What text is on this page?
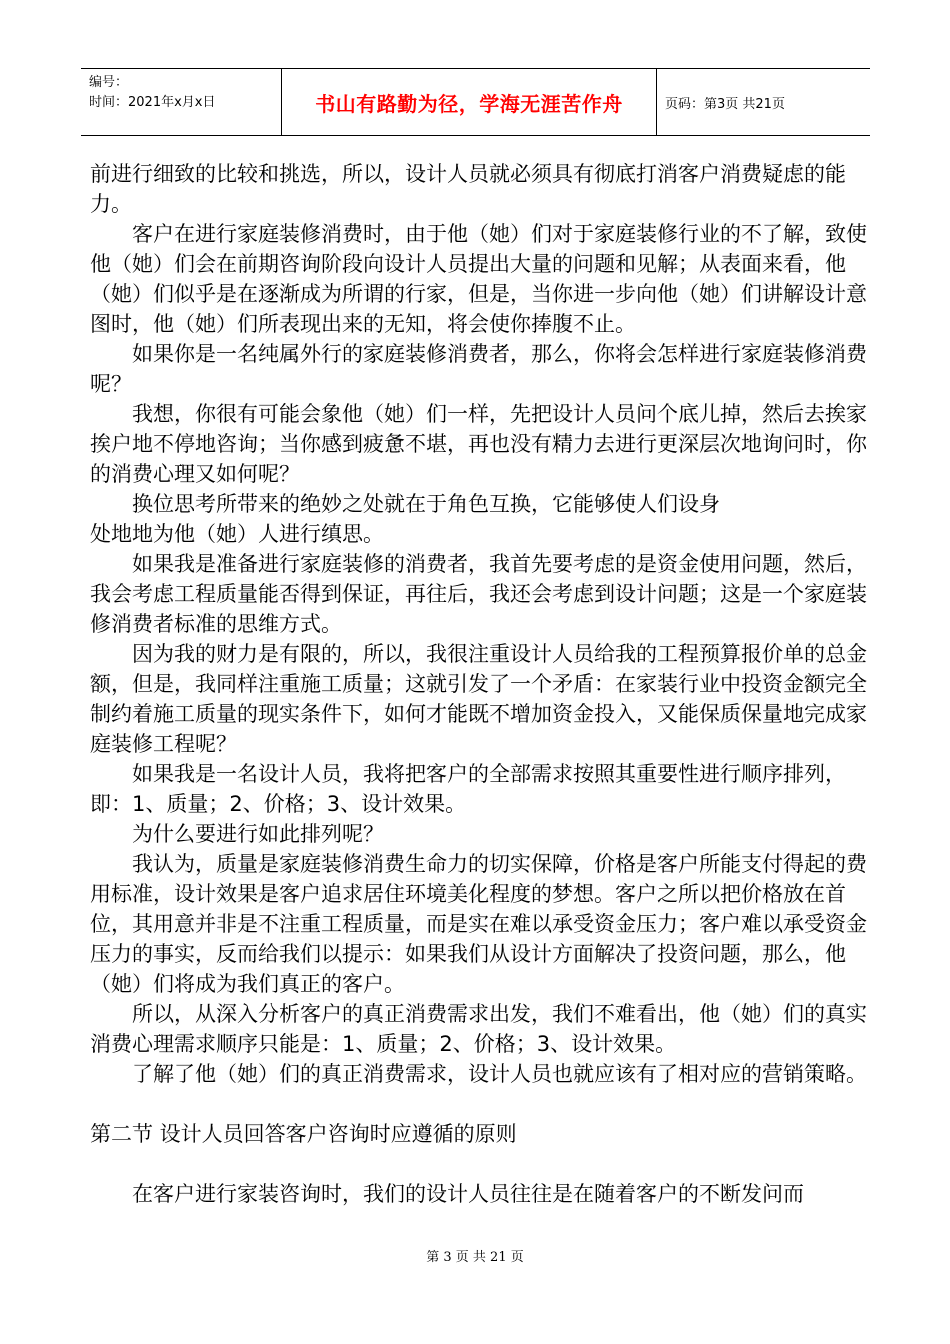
编号：
时间：2021年x月x日	书山有路勤为径，学海无涯苦作舟	页码：第3页 共21页

前进行细致的比较和挑选，所以，设计人员就必须具有彻底打消客户消费疑虑的能力。

客户在进行家庭装修消费时，由于他（她）们对于家庭装修行业的不了解，致使他（她）们会在前期咨询阶段向设计人员提出大量的问题和见解；从表面来看，他（她）们似乎是在逐渐成为所谓的行家，但是，当你进一步向他（她）们讲解设计意图时，他（她）们所表现出来的无知，将会使你捧腹不止。

如果你是一名纯属外行的家庭装修消费者，那么，你将会怎样进行家庭装修消费呢？

我想，你很有可能会象他（她）们一样，先把设计人员问个底儿掉，然后去挨家挨户地不停地咨询；当你感到疲惫不堪，再也没有精力去进行更深层次地询问时，你的消费心理又如何呢？

换位思考所带来的绝妙之处就在于角色互换，它能够使人们设身

处地地为他（她）人进行缜思。

如果我是准备进行家庭装修的消费者，我首先要考虑的是资金使用问题，然后，我会考虑工程质量能否得到保证，再往后，我还会考虑到设计问题；这是一个家庭装修消费者标准的思维方式。

因为我的财力是有限的，所以，我很注重设计人员给我的工程预算报价单的总金额，但是，我同样注重施工质量；这就引发了一个矛盾：在家装行业中投资金额完全制约着施工质量的现实条件下，如何才能既不增加资金投入，又能保质保量地完成家庭装修工程呢？

如果我是一名设计人员，我将把客户的全部需求按照其重要性进行顺序排列，即：1、质量；2、价格；3、设计效果。

为什么要进行如此排列呢？

我认为，质量是家庭装修消费生命力的切实保障，价格是客户所能支付得起的费用标准，设计效果是客户追求居住环境美化程度的梦想。客户之所以把价格放在首位，其用意并非是不注重工程质量，而是实在难以承受资金压力；客户难以承受资金压力的事实，反而给我们以提示：如果我们从设计方面解决了投资问题，那么，他（她）们将成为我们真正的客户。

所以，从深入分析客户的真正消费需求出发，我们不难看出，他（她）们的真实消费心理需求顺序只能是：1、质量；2、价格；3、设计效果。

了解了他（她）们的真正消费需求，设计人员也就应该有了相对应的营销策略。

第二节 设计人员回答客户咨询时应遵循的原则

在客户进行家装咨询时，我们的设计人员往往是在随着客户的不断发问而

第 3 页 共 21 页
